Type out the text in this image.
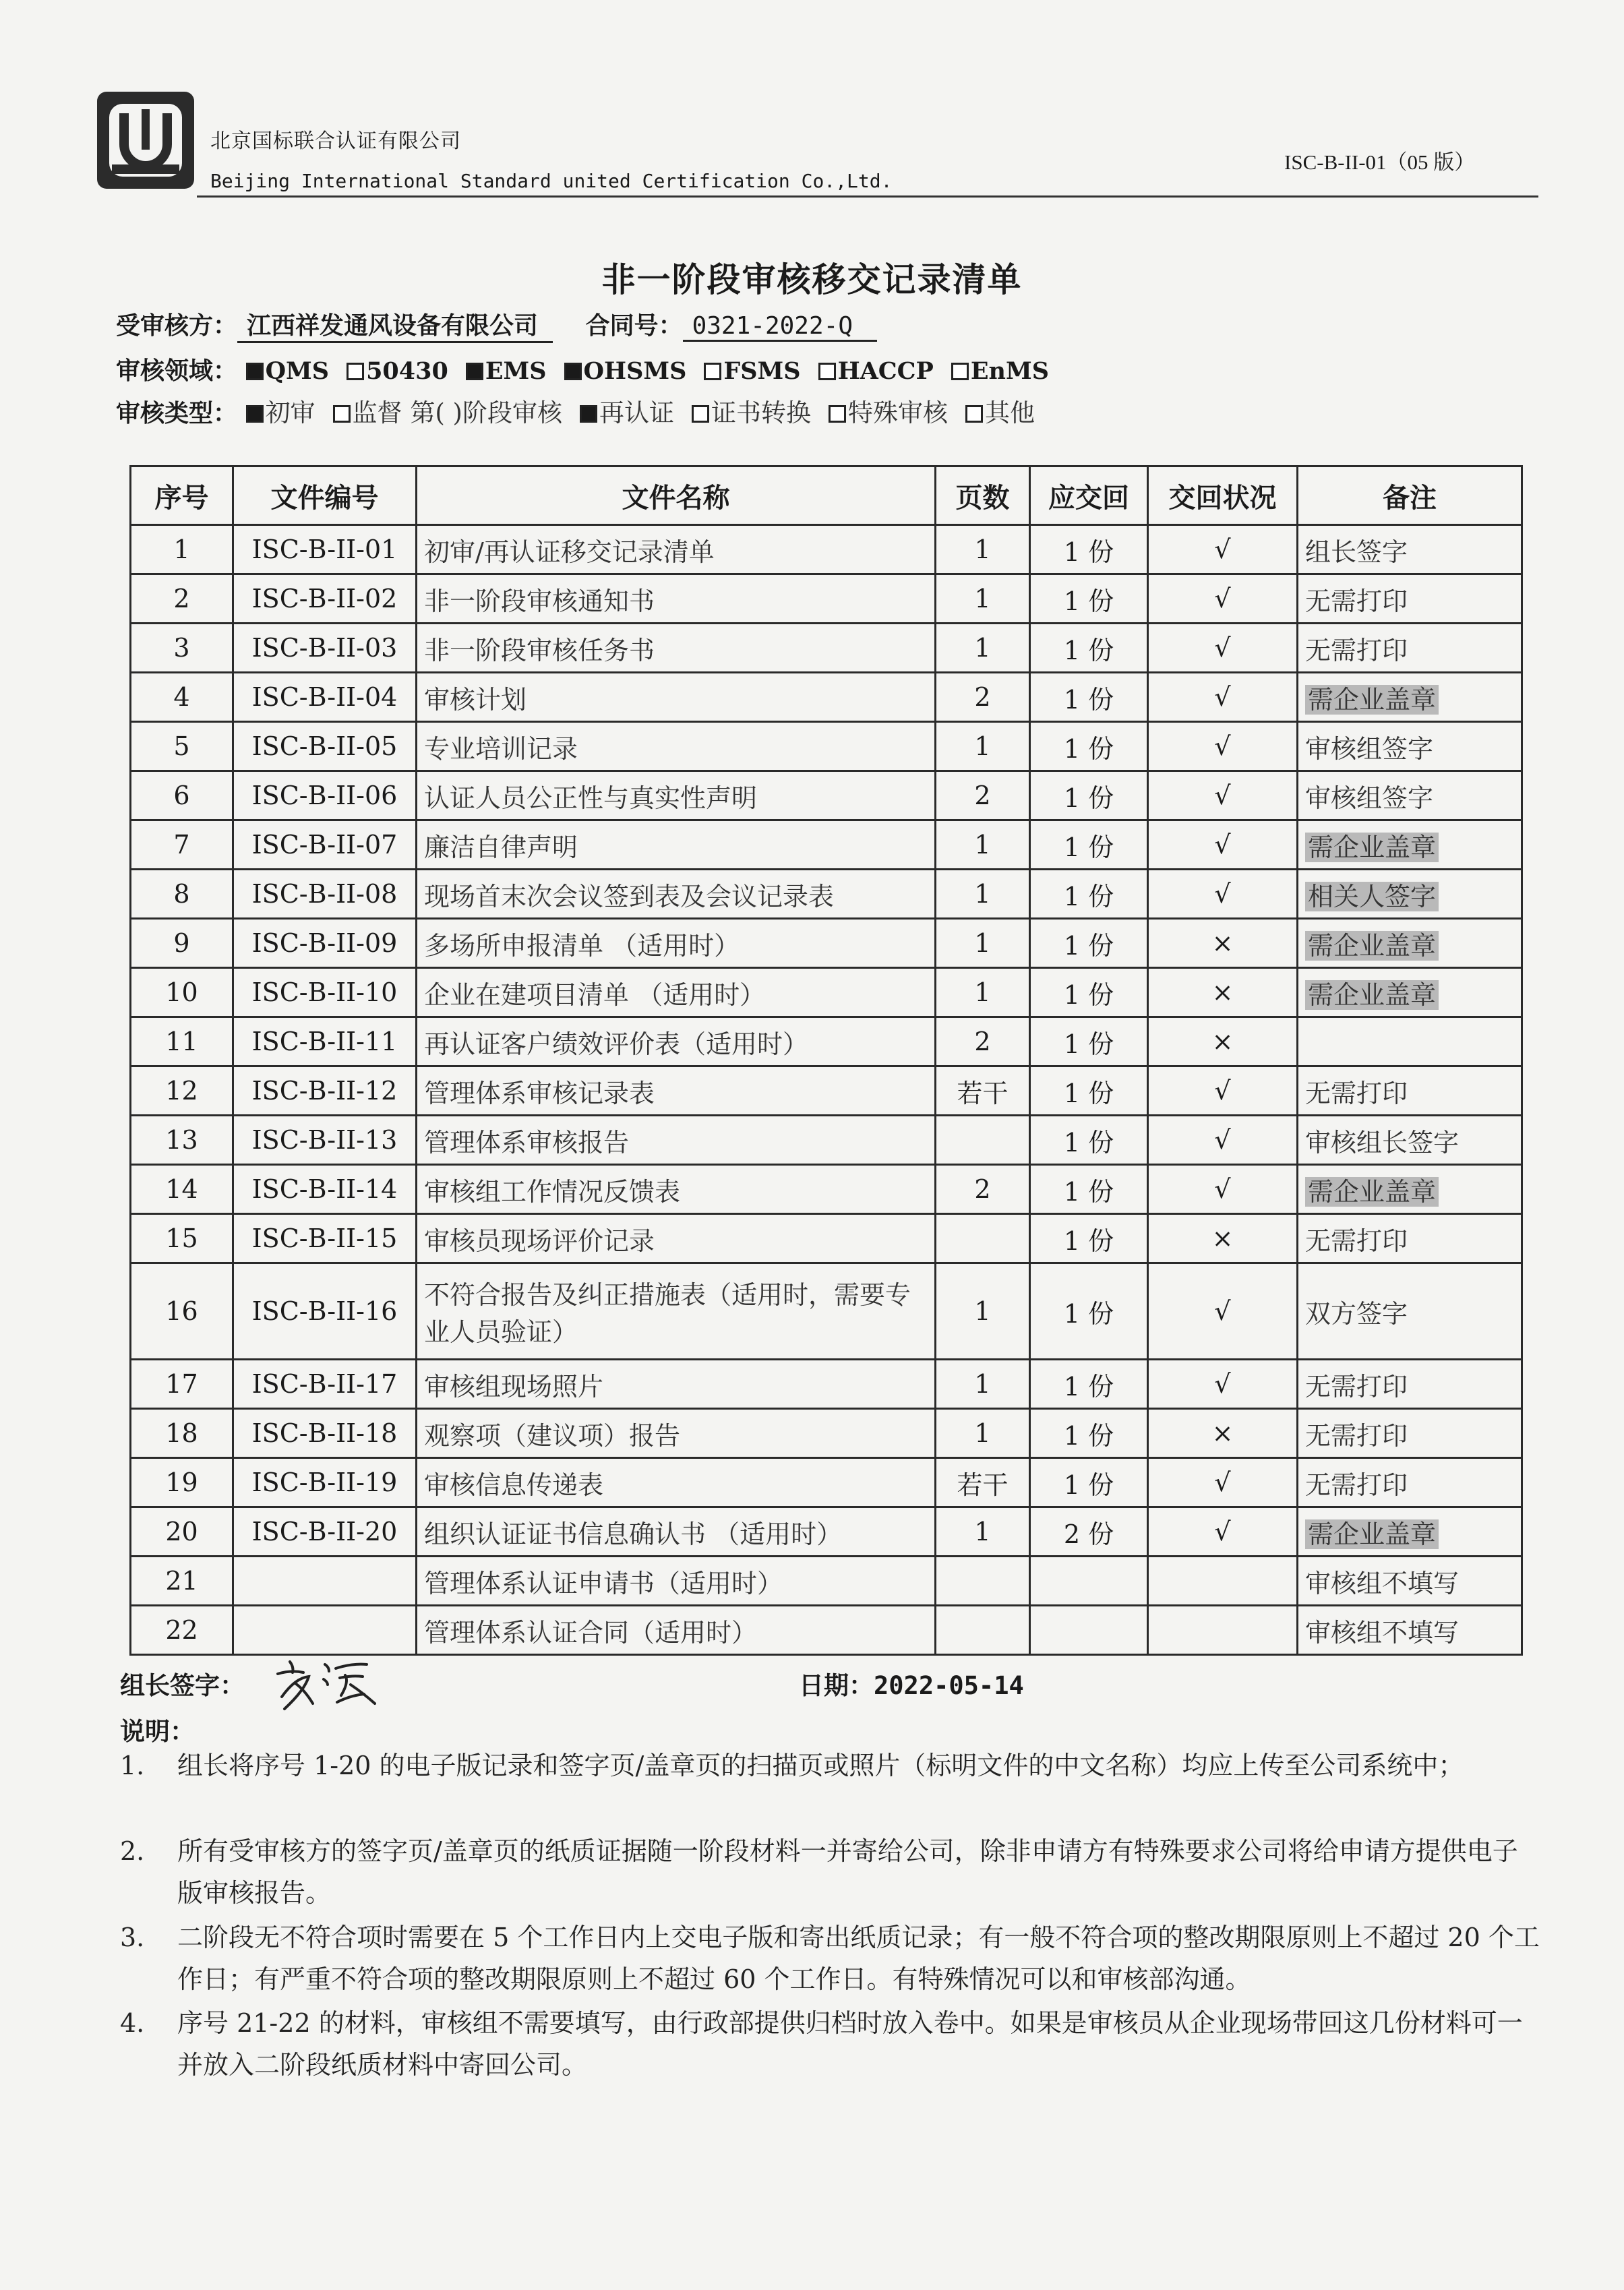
北京国标联合认证有限公司
Beijing International Standard united Certification Co.,Ltd.
ISC-B-II-01（05 版）
非一阶段审核移交记录清单
受审核方： 江西祥发通风设备有限公司 合同号： 0321-2022-Q
审核领域： QMS 50430 EMS OHSMS FSMS HACCP EnMS
审核类型： 初审 监督 第( )阶段审核 再认证 证书转换 特殊审核 其他
序号	文件编号	文件名称	页数	应交回	交回状况	备注
1	ISC-B-II-01	初审/再认证移交记录清单	1	1 份	√	组长签字
2	ISC-B-II-02	非一阶段审核通知书	1	1 份	√	无需打印
3	ISC-B-II-03	非一阶段审核任务书	1	1 份	√	无需打印
4	ISC-B-II-04	审核计划	2	1 份	√	需企业盖章
5	ISC-B-II-05	专业培训记录	1	1 份	√	审核组签字
6	ISC-B-II-06	认证人员公正性与真实性声明	2	1 份	√	审核组签字
7	ISC-B-II-07	廉洁自律声明	1	1 份	√	需企业盖章
8	ISC-B-II-08	现场首末次会议签到表及会议记录表	1	1 份	√	相关人签字
9	ISC-B-II-09	多场所申报清单 （适用时）	1	1 份	×	需企业盖章
10	ISC-B-II-10	企业在建项目清单 （适用时）	1	1 份	×	需企业盖章
11	ISC-B-II-11	再认证客户绩效评价表（适用时）	2	1 份	×	
12	ISC-B-II-12	管理体系审核记录表	若干	1 份	√	无需打印
13	ISC-B-II-13	管理体系审核报告		1 份	√	审核组长签字
14	ISC-B-II-14	审核组工作情况反馈表	2	1 份	√	需企业盖章
15	ISC-B-II-15	审核员现场评价记录		1 份	×	无需打印
16	ISC-B-II-16	不符合报告及纠正措施表（适用时，需要专业人员验证）	1	1 份	√	双方签字
17	ISC-B-II-17	审核组现场照片	1	1 份	√	无需打印
18	ISC-B-II-18	观察项（建议项）报告	1	1 份	×	无需打印
19	ISC-B-II-19	审核信息传递表	若干	1 份	√	无需打印
20	ISC-B-II-20	组织认证证书信息确认书 （适用时）	1	2 份	√	需企业盖章
21		管理体系认证申请书（适用时）				审核组不填写
22		管理体系认证合同（适用时）				审核组不填写
组长签字：	日期：2022-05-14
说明：
1.	组长将序号 1-20 的电子版记录和签字页/盖章页的扫描页或照片（标明文件的中文名称）均应上传至公司系统中；
2.	所有受审核方的签字页/盖章页的纸质证据随一阶段材料一并寄给公司，除非申请方有特殊要求公司将给申请方提供电子版审核报告。
3.	二阶段无不符合项时需要在 5 个工作日内上交电子版和寄出纸质记录；有一般不符合项的整改期限原则上不超过 20 个工作日；有严重不符合项的整改期限原则上不超过 60 个工作日。有特殊情况可以和审核部沟通。
4.	序号 21-22 的材料，审核组不需要填写，由行政部提供归档时放入卷中。如果是审核员从企业现场带回这几份材料可一并放入二阶段纸质材料中寄回公司。
